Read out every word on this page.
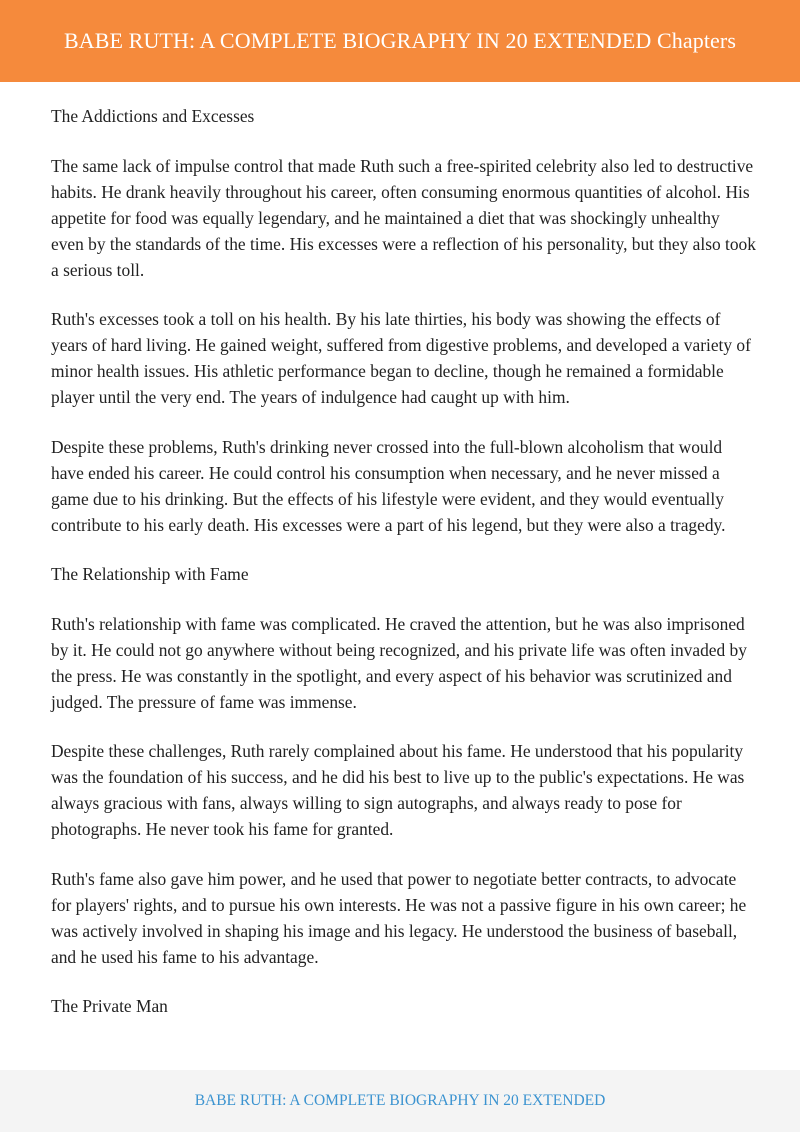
BABE RUTH: A COMPLETE BIOGRAPHY IN 20 EXTENDED Chapters

The Addictions and Excesses

The same lack of impulse control that made Ruth such a free-spirited celebrity also led to destructive habits. He drank heavily throughout his career, often consuming enormous quantities of alcohol. His appetite for food was equally legendary, and he maintained a diet that was shockingly unhealthy even by the standards of the time. His excesses were a reflection of his personality, but they also took a serious toll.

Ruth's excesses took a toll on his health. By his late thirties, his body was showing the effects of years of hard living. He gained weight, suffered from digestive problems, and developed a variety of minor health issues. His athletic performance began to decline, though he remained a formidable player until the very end. The years of indulgence had caught up with him.

Despite these problems, Ruth's drinking never crossed into the full-blown alcoholism that would have ended his career. He could control his consumption when necessary, and he never missed a game due to his drinking. But the effects of his lifestyle were evident, and they would eventually contribute to his early death. His excesses were a part of his legend, but they were also a tragedy.

The Relationship with Fame

Ruth's relationship with fame was complicated. He craved the attention, but he was also imprisoned by it. He could not go anywhere without being recognized, and his private life was often invaded by the press. He was constantly in the spotlight, and every aspect of his behavior was scrutinized and judged. The pressure of fame was immense.

Despite these challenges, Ruth rarely complained about his fame. He understood that his popularity was the foundation of his success, and he did his best to live up to the public's expectations. He was always gracious with fans, always willing to sign autographs, and always ready to pose for photographs. He never took his fame for granted.

Ruth's fame also gave him power, and he used that power to negotiate better contracts, to advocate for players' rights, and to pursue his own interests. He was not a passive figure in his own career; he was actively involved in shaping his image and his legacy. He understood the business of baseball, and he used his fame to his advantage.

The Private Man

BABE RUTH: A COMPLETE BIOGRAPHY IN 20 EXTENDED
